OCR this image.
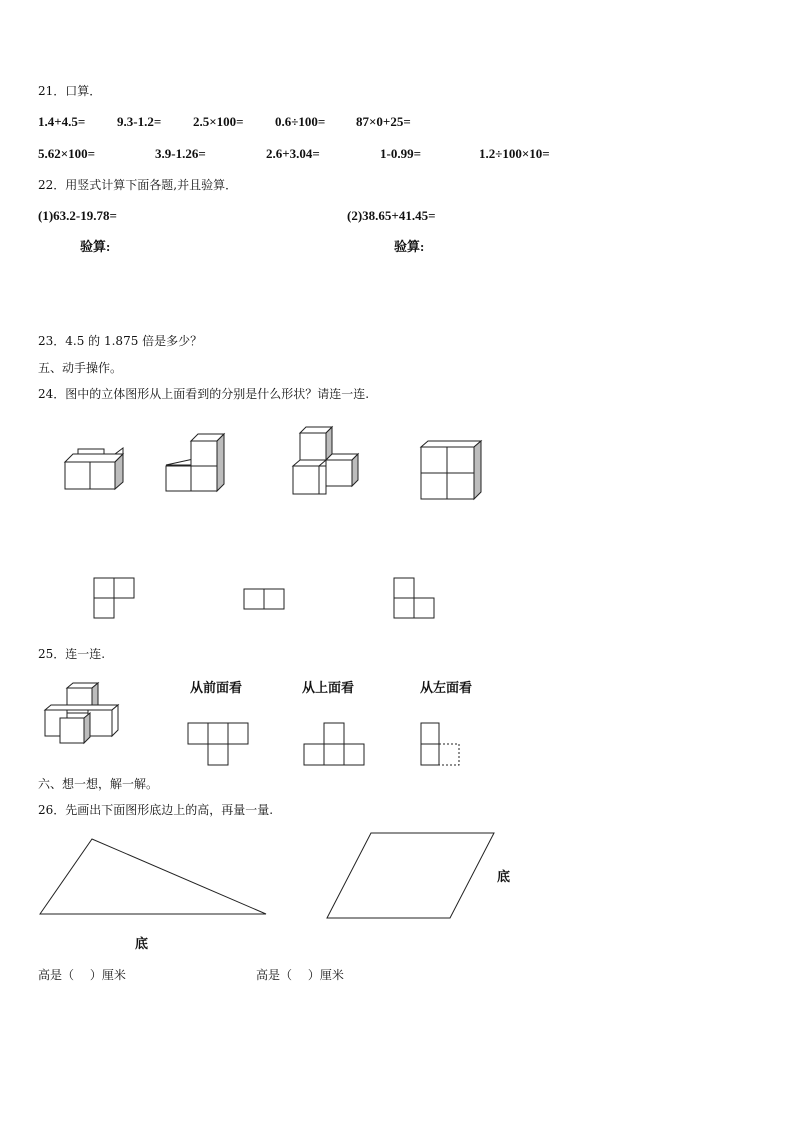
21．口算．
1.4+4.5= 9.3-1.2= 2.5×100= 0.6÷100= 87×0+25=
5.62×100=	3.9-1.26=	2.6+3.04=	1-0.99=	1.2÷100×10=
22．用竖式计算下面各题,并且验算．
(1)63.2-19.78=	(2)38.65+41.45=
验算:	验算:
23．4.5 的 1.875 倍是多少？
五、动手操作。
24．图中的立体图形从上面看到的分别是什么形状？请连一连.
25．连一连.
从前面看	从上面看	从左面看
六、想一想，解一解。
26．先画出下面图形底边上的高，再量一量.
底
底
高是（　 ）厘米	高是（　 ）厘米
